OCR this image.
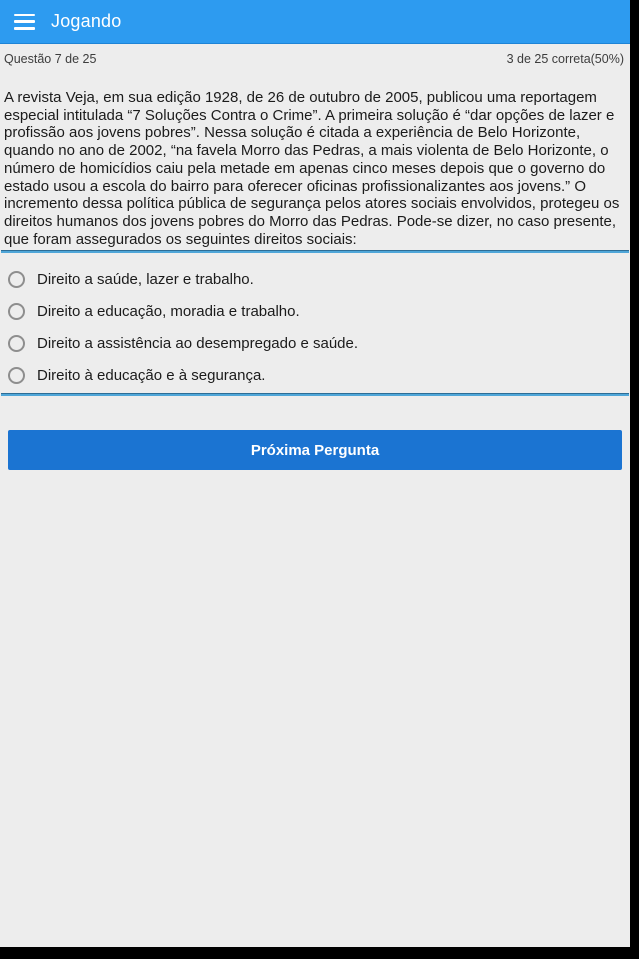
Jogando
Questão 7 de 25	3 de 25 correta(50%)
A revista Veja, em sua edição 1928, de 26 de outubro de 2005, publicou uma reportagem especial intitulada “7 Soluções Contra o Crime”. A primeira solução é “dar opções de lazer e profissão aos jovens pobres”. Nessa solução é citada a experiência de Belo Horizonte, quando no ano de 2002, “na favela Morro das Pedras, a mais violenta de Belo Horizonte, o número de homicídios caiu pela metade em apenas cinco meses depois que o governo do estado usou a escola do bairro para oferecer oficinas profissionalizantes aos jovens.” O incremento dessa política pública de segurança pelos atores sociais envolvidos, protegeu os direitos humanos dos jovens pobres do Morro das Pedras. Pode-se dizer, no caso presente, que foram assegurados os seguintes direitos sociais:
Direito a saúde, lazer e trabalho.
Direito a educação, moradia e trabalho.
Direito a assistência ao desempregado e saúde.
Direito à educação e à segurança.
Próxima Pergunta
